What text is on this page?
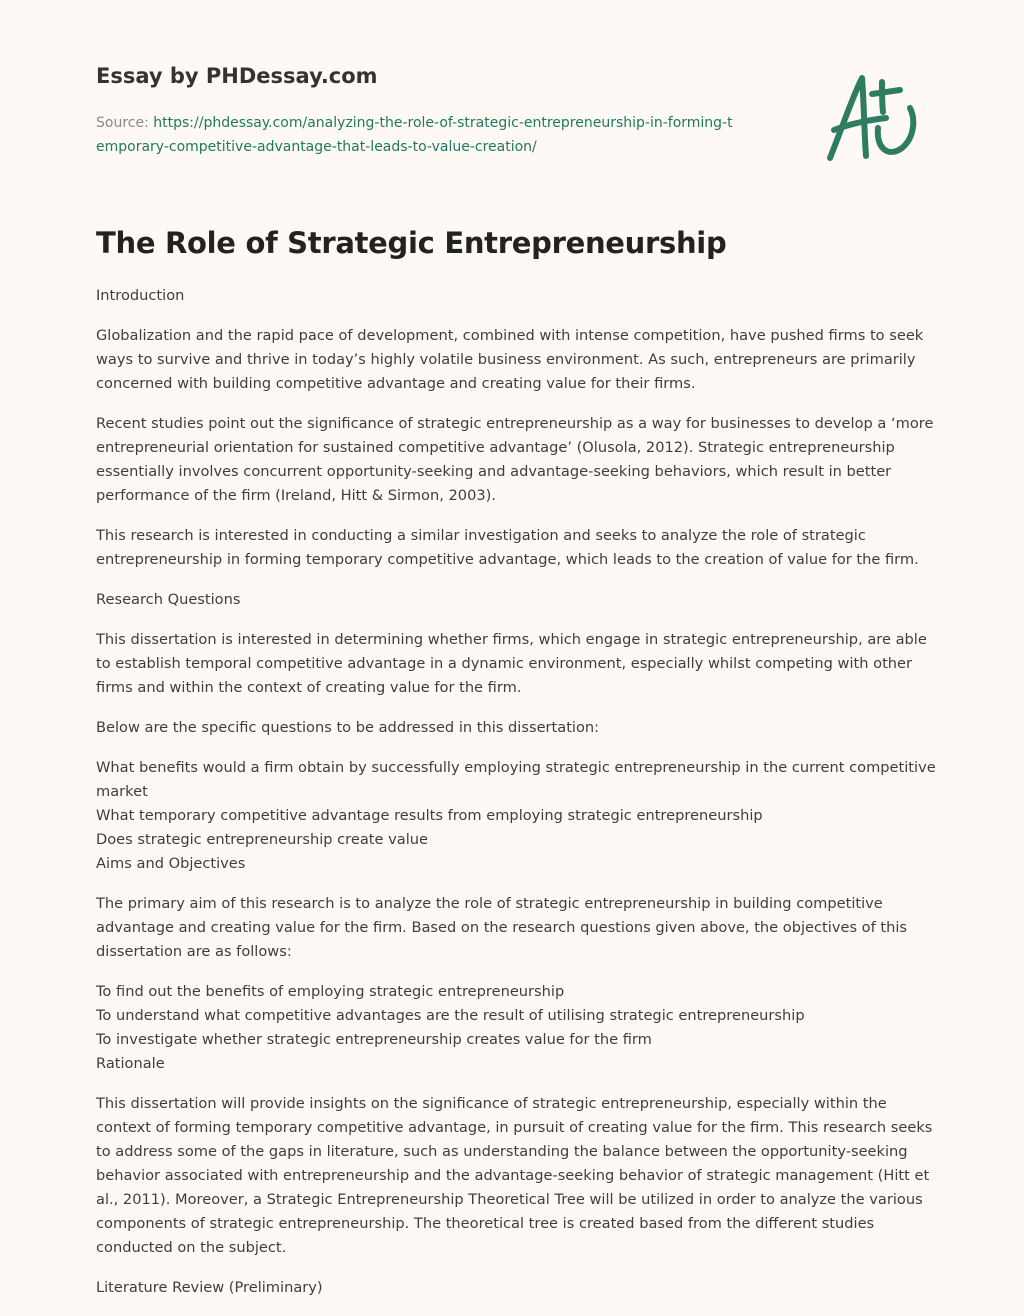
Essay by PHDessay.com
Source: https://phdessay.com/analyzing-the-role-of-strategic-entrepreneurship-in-forming-temporary-competitive-advantage-that-leads-to-value-creation/
The Role of Strategic Entrepreneurship

Introduction

Globalization and the rapid pace of development, combined with intense competition, have pushed firms to seek ways to survive and thrive in today’s highly volatile business environment. As such, entrepreneurs are primarily concerned with building competitive advantage and creating value for their firms.

Recent studies point out the significance of strategic entrepreneurship as a way for businesses to develop a ‘more entrepreneurial orientation for sustained competitive advantage’ (Olusola, 2012). Strategic entrepreneurship essentially involves concurrent opportunity-seeking and advantage-seeking behaviors, which result in better performance of the firm (Ireland, Hitt & Sirmon, 2003).

This research is interested in conducting a similar investigation and seeks to analyze the role of strategic entrepreneurship in forming temporary competitive advantage, which leads to the creation of value for the firm.

Research Questions

This dissertation is interested in determining whether firms, which engage in strategic entrepreneurship, are able to establish temporal competitive advantage in a dynamic environment, especially whilst competing with other firms and within the context of creating value for the firm.

Below are the specific questions to be addressed in this dissertation:

What benefits would a firm obtain by successfully employing strategic entrepreneurship in the current competitive market
What temporary competitive advantage results from employing strategic entrepreneurship
Does strategic entrepreneurship create value
Aims and Objectives

The primary aim of this research is to analyze the role of strategic entrepreneurship in building competitive advantage and creating value for the firm. Based on the research questions given above, the objectives of this dissertation are as follows:

To find out the benefits of employing strategic entrepreneurship
To understand what competitive advantages are the result of utilising strategic entrepreneurship
To investigate whether strategic entrepreneurship creates value for the firm
Rationale

This dissertation will provide insights on the significance of strategic entrepreneurship, especially within the context of forming temporary competitive advantage, in pursuit of creating value for the firm. This research seeks to address some of the gaps in literature, such as understanding the balance between the opportunity-seeking behavior associated with entrepreneurship and the advantage-seeking behavior of strategic management (Hitt et al., 2011). Moreover, a Strategic Entrepreneurship Theoretical Tree will be utilized in order to analyze the various components of strategic entrepreneurship. The theoretical tree is created based from the different studies conducted on the subject.

Literature Review (Preliminary)
